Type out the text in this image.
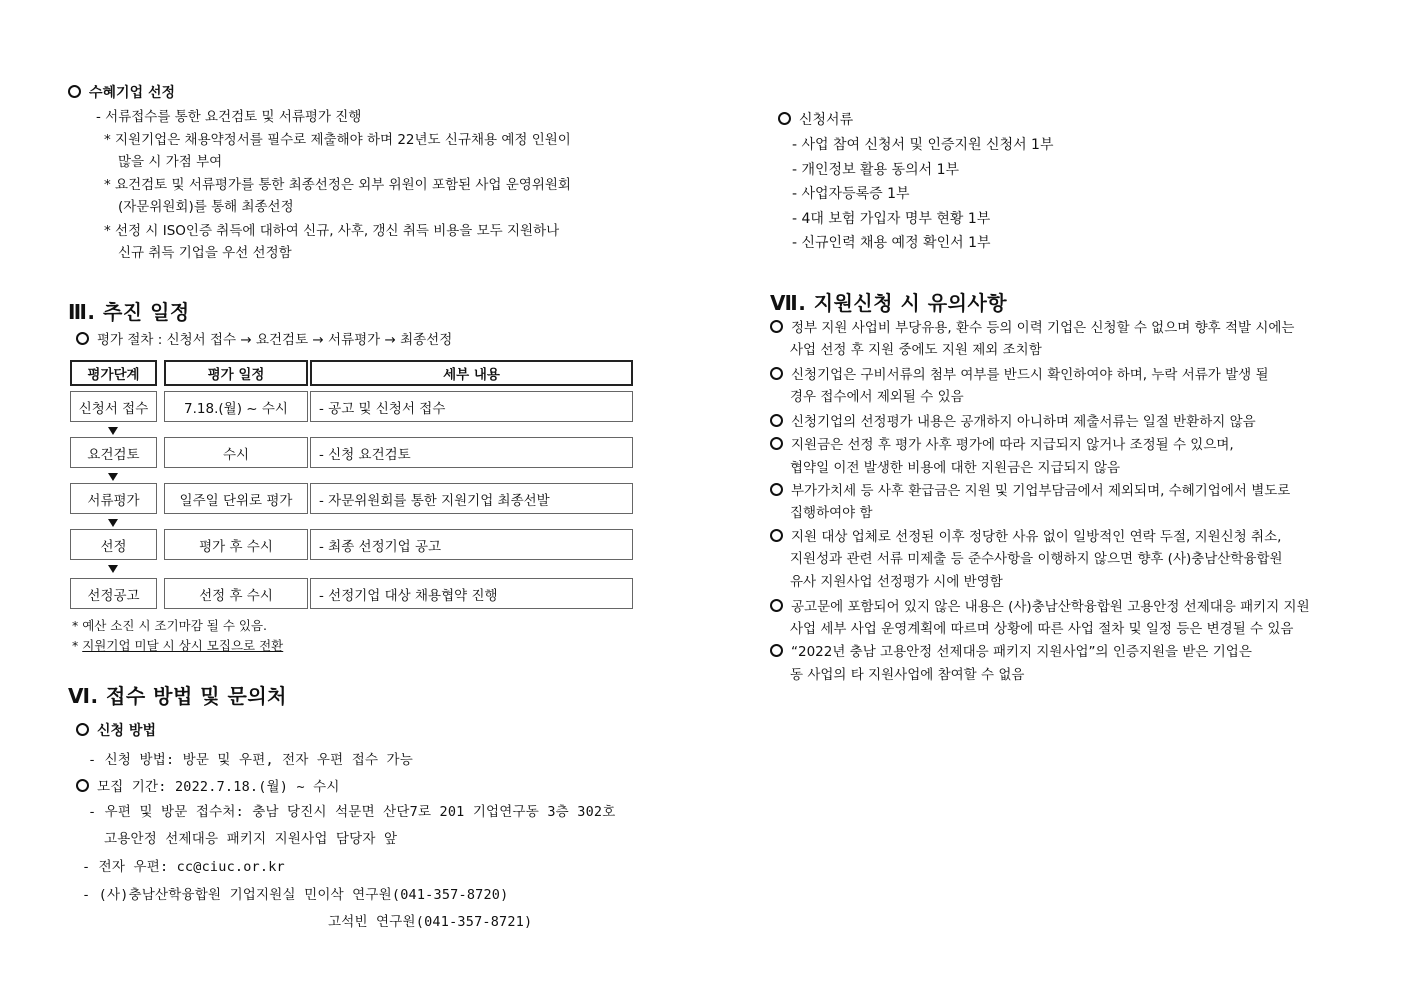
수혜기업 선정
- 서류접수를 통한 요건검토 및 서류평가 진행
* 지원기업은 채용약정서를 필수로 제출해야 하며 22년도 신규채용 예정 인원이
많을 시 가점 부여
* 요건검토 및 서류평가를 통한 최종선정은 외부 위원이 포함된 사업 운영위원회
(자문위원회)를 통해 최종선정
* 선정 시 ISO인증 취득에 대하여 신규, 사후, 갱신 취득 비용을 모두 지원하나
신규 취득 기업을 우선 선정함
Ⅲ. 추진 일정
평가 절차 : 신청서 접수 → 요건검토 → 서류평가 → 최종선정
평가단계	평가 일정	세부 내용
신청서 접수	7.18.(월) ~ 수시	- 공고 및 신청서 접수
요건검토	수시	- 신청 요건검토
서류평가	일주일 단위로 평가	- 자문위원회를 통한 지원기업 최종선발
선정	평가 후 수시	- 최종 선정기업 공고
선정공고	선정 후 수시	- 선정기업 대상 채용협약 진행
* 예산 소진 시 조기마감 될 수 있음.
* 지원기업 미달 시 상시 모집으로 전환
Ⅵ. 접수 방법 및 문의처
신청 방법
- 신청 방법: 방문 및 우편, 전자 우편 접수 가능
모집 기간: 2022.7.18.(월) ~ 수시
- 우편 및 방문 접수처: 충남 당진시 석문면 산단7로 201 기업연구동 3층 302호
고용안정 선제대응 패키지 지원사업 담당자 앞
- 전자 우편: cc@ciuc.or.kr
- (사)충남산학융합원 기업지원실 민이삭 연구원(041-357-8720)
고석빈 연구원(041-357-8721)
신청서류
- 사업 참여 신청서 및 인증지원 신청서 1부
- 개인정보 활용 동의서 1부
- 사업자등록증 1부
- 4대 보험 가입자 명부 현황 1부
- 신규인력 채용 예정 확인서 1부
Ⅶ. 지원신청 시 유의사항
정부 지원 사업비 부당유용, 환수 등의 이력 기업은 신청할 수 없으며 향후 적발 시에는
사업 선정 후 지원 중에도 지원 제외 조치함
신청기업은 구비서류의 첨부 여부를 반드시 확인하여야 하며, 누락 서류가 발생 될
경우 접수에서 제외될 수 있음
신청기업의 선정평가 내용은 공개하지 아니하며 제출서류는 일절 반환하지 않음
지원금은 선정 후 평가 사후 평가에 따라 지급되지 않거나 조정될 수 있으며,
협약일 이전 발생한 비용에 대한 지원금은 지급되지 않음
부가가치세 등 사후 환급금은 지원 및 기업부담금에서 제외되며, 수혜기업에서 별도로
집행하여야 함
지원 대상 업체로 선정된 이후 정당한 사유 없이 일방적인 연락 두절, 지원신청 취소,
지원성과 관련 서류 미제출 등 준수사항을 이행하지 않으면 향후 (사)충남산학융합원
유사 지원사업 선정평가 시에 반영함
공고문에 포함되어 있지 않은 내용은 (사)충남산학융합원 고용안정 선제대응 패키지 지원
사업 세부 사업 운영계획에 따르며 상황에 따른 사업 절차 및 일정 등은 변경될 수 있음
“2022년 충남 고용안정 선제대응 패키지 지원사업”의 인증지원을 받은 기업은
동 사업의 타 지원사업에 참여할 수 없음
